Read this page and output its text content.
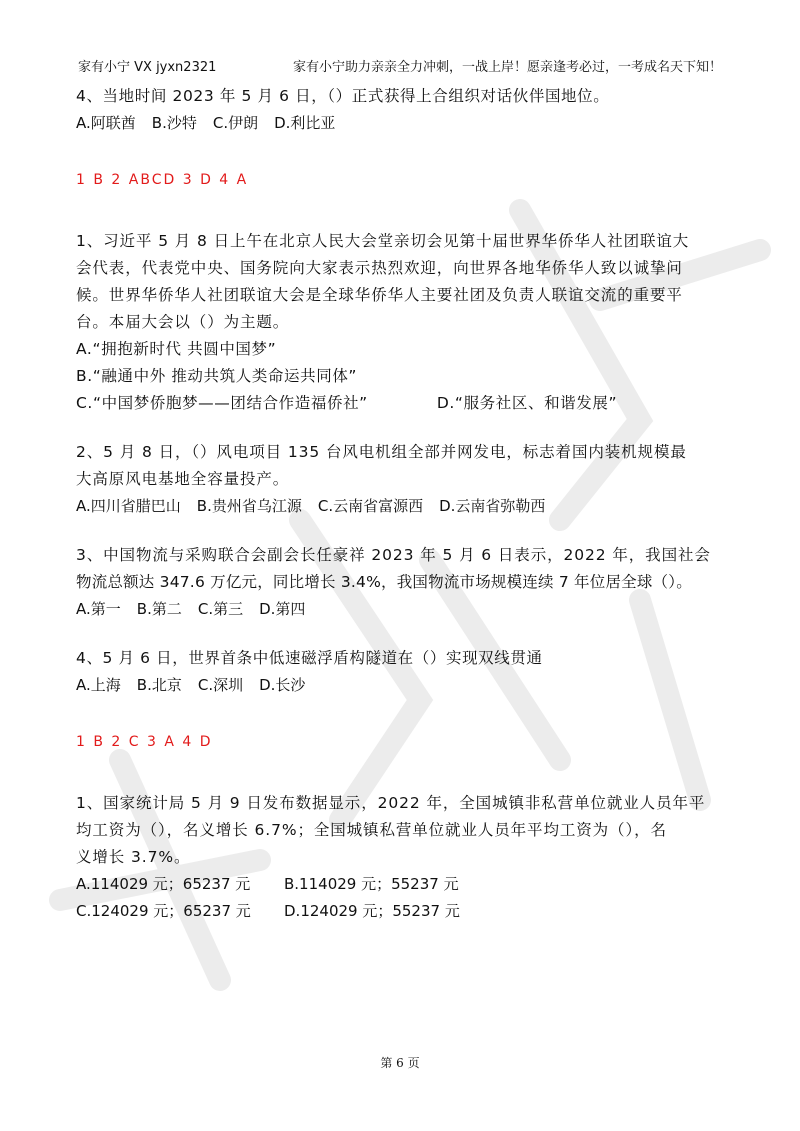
家有小宁 VX jyxn2321	家有小宁助力亲亲全力冲刺，一战上岸！愿亲逢考必过，一考成名天下知！
4、当地时间 2023 年 5 月 6 日，（）正式获得上合组织对话伙伴国地位。
A.阿联酋 B.沙特 C.伊朗 D.利比亚
1 B 2 ABCD 3 D 4 A
1、习近平 5 月 8 日上午在北京人民大会堂亲切会见第十届世界华侨华人社团联谊大
会代表，代表党中央、国务院向大家表示热烈欢迎，向世界各地华侨华人致以诚挚问
候。世界华侨华人社团联谊大会是全球华侨华人主要社团及负责人联谊交流的重要平
台。本届大会以（）为主题。
A.“拥抱新时代 共圆中国梦”
B.“融通中外 推动共筑人类命运共同体”
C.“中国梦侨胞梦——团结合作造福侨社”	D.“服务社区、和谐发展”
2、5 月 8 日，（）风电项目 135 台风电机组全部并网发电，标志着国内装机规模最
大高原风电基地全容量投产。
A.四川省腊巴山 B.贵州省乌江源 C.云南省富源西 D.云南省弥勒西
3、中国物流与采购联合会副会长任豪祥 2023 年 5 月 6 日表示，2022 年，我国社会
物流总额达 347.6 万亿元，同比增长 3.4%，我国物流市场规模连续 7 年位居全球（）。
A.第一 B.第二 C.第三 D.第四
4、5 月 6 日，世界首条中低速磁浮盾构隧道在（）实现双线贯通
A.上海 B.北京 C.深圳 D.长沙
1 B 2 C 3 A 4 D
1、国家统计局 5 月 9 日发布数据显示，2022 年，全国城镇非私营单位就业人员年平
均工资为（），名义增长 6.7%；全国城镇私营单位就业人员年平均工资为（），名
义增长 3.7%。
A.114029 元；65237 元	B.114029 元；55237 元
C.124029 元；65237 元	D.124029 元；55237 元
第 6 页
